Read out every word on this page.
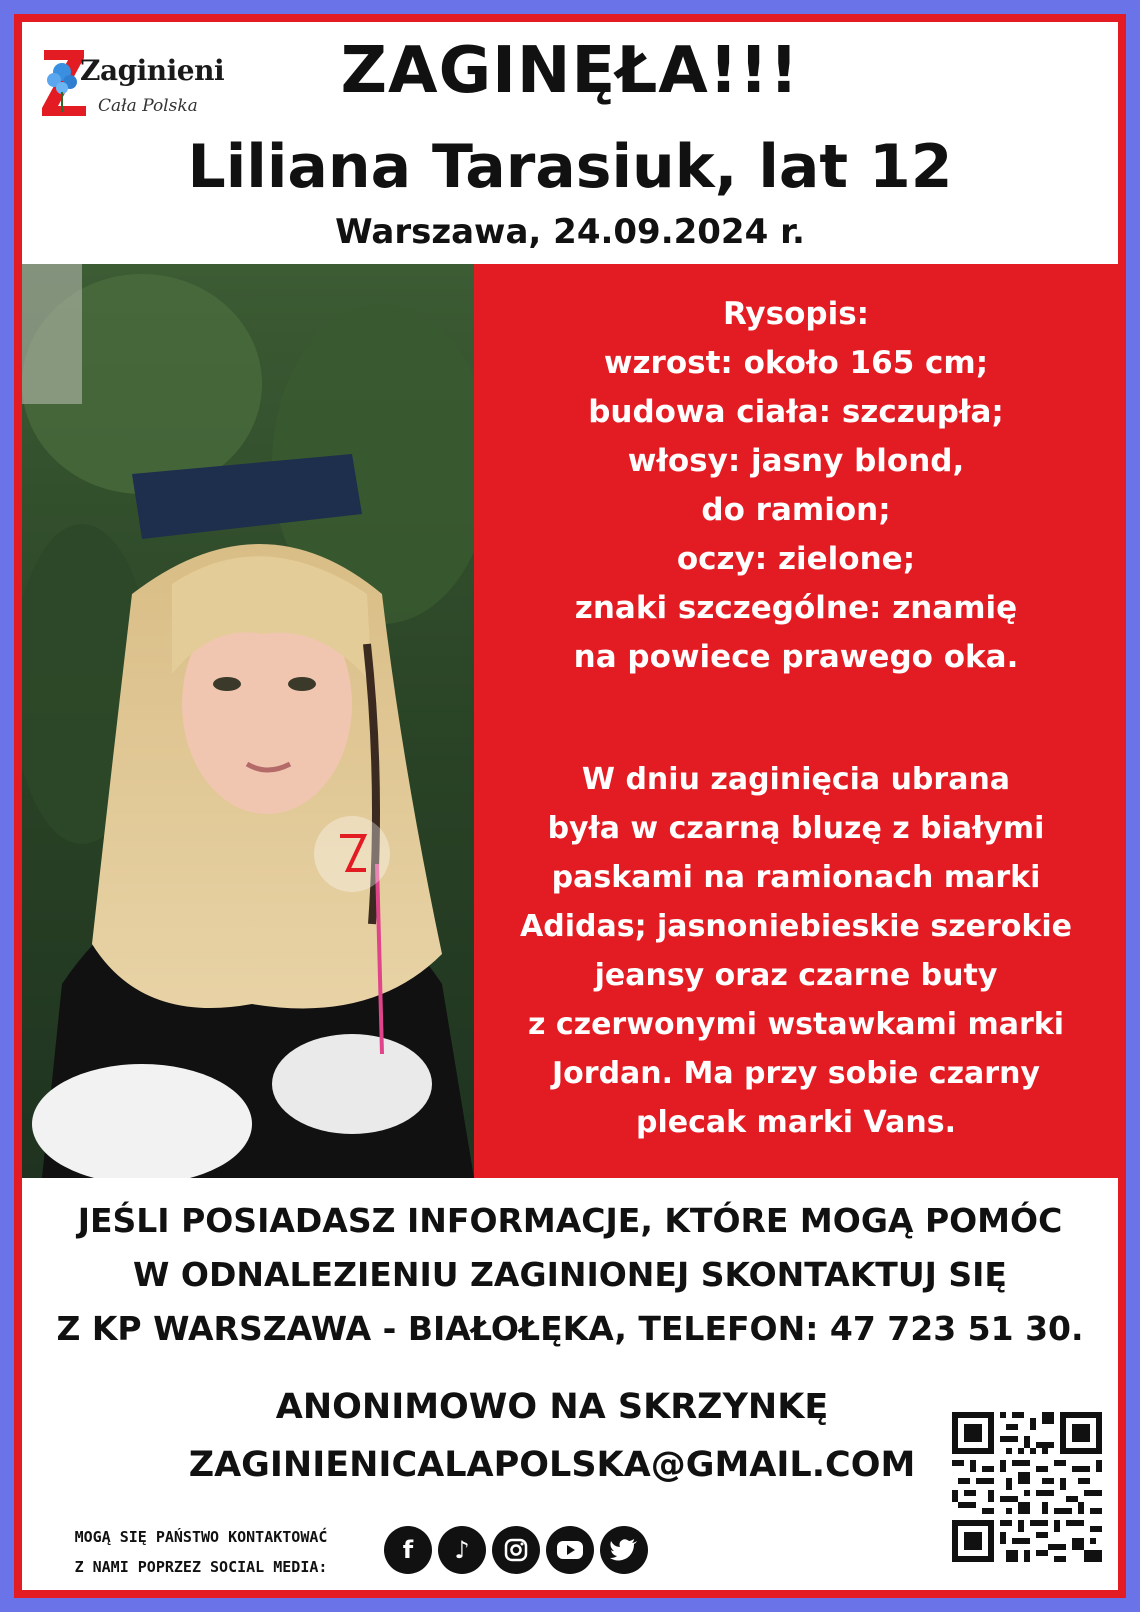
Zaginieni
Cała Polska	ZAGINĘŁA!!!
Liliana Tarasiuk, lat 12
Warszawa, 24.09.2024 r.
Rysopis:
wzrost: około 165 cm;
budowa ciała: szczupła;
włosy: jasny blond,
do ramion;
oczy: zielone;
znaki szczególne: znamię
na powiece prawego oka.
W dniu zaginięcia ubrana
była w czarną bluzę z białymi
paskami na ramionach marki
Adidas; jasnoniebieskie szerokie
jeansy oraz czarne buty
z czerwonymi wstawkami marki
Jordan. Ma przy sobie czarny
plecak marki Vans.
JEŚLI POSIADASZ INFORMACJE, KTÓRE MOGĄ POMÓC
W ODNALEZIENIU ZAGINIONEJ SKONTAKTUJ SIĘ
Z KP WARSZAWA - BIAŁOŁĘKA, TELEFON: 47 723 51 30.
ANONIMOWO NA SKRZYNKĘ
ZAGINIENICALAPOLSKA@GMAIL.COM
MOGĄ SIĘ PAŃSTWO KONTAKTOWAĆ
Z NAMI POPRZEZ SOCIAL MEDIA:
f	♪
